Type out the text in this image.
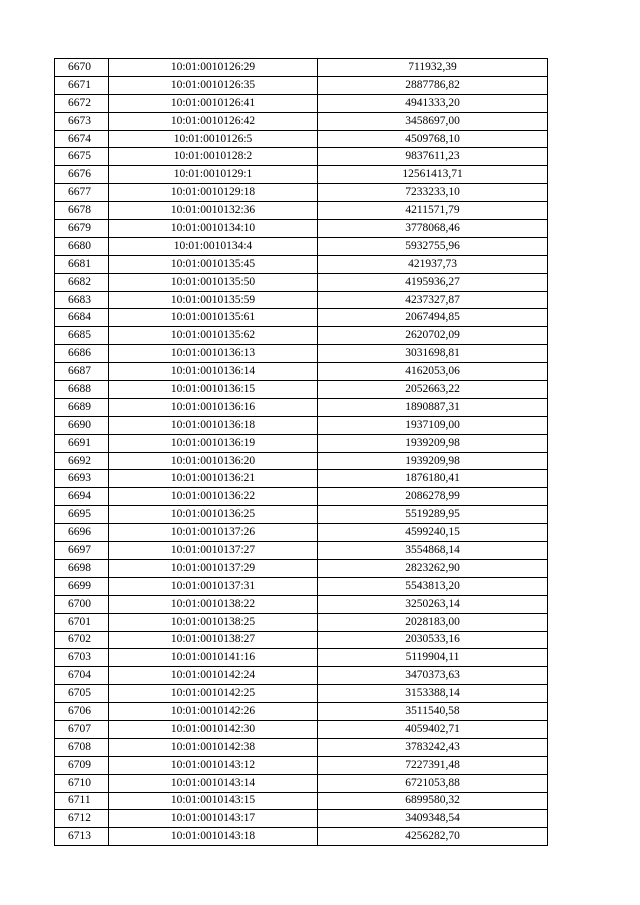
6670	10:01:0010126:29	711932,39
6671	10:01:0010126:35	2887786,82
6672	10:01:0010126:41	4941333,20
6673	10:01:0010126:42	3458697,00
6674	10:01:0010126:5	4509768,10
6675	10:01:0010128:2	9837611,23
6676	10:01:0010129:1	12561413,71
6677	10:01:0010129:18	7233233,10
6678	10:01:0010132:36	4211571,79
6679	10:01:0010134:10	3778068,46
6680	10:01:0010134:4	5932755,96
6681	10:01:0010135:45	421937,73
6682	10:01:0010135:50	4195936,27
6683	10:01:0010135:59	4237327,87
6684	10:01:0010135:61	2067494,85
6685	10:01:0010135:62	2620702,09
6686	10:01:0010136:13	3031698,81
6687	10:01:0010136:14	4162053,06
6688	10:01:0010136:15	2052663,22
6689	10:01:0010136:16	1890887,31
6690	10:01:0010136:18	1937109,00
6691	10:01:0010136:19	1939209,98
6692	10:01:0010136:20	1939209,98
6693	10:01:0010136:21	1876180,41
6694	10:01:0010136:22	2086278,99
6695	10:01:0010136:25	5519289,95
6696	10:01:0010137:26	4599240,15
6697	10:01:0010137:27	3554868,14
6698	10:01:0010137:29	2823262,90
6699	10:01:0010137:31	5543813,20
6700	10:01:0010138:22	3250263,14
6701	10:01:0010138:25	2028183,00
6702	10:01:0010138:27	2030533,16
6703	10:01:0010141:16	5119904,11
6704	10:01:0010142:24	3470373,63
6705	10:01:0010142:25	3153388,14
6706	10:01:0010142:26	3511540,58
6707	10:01:0010142:30	4059402,71
6708	10:01:0010142:38	3783242,43
6709	10:01:0010143:12	7227391,48
6710	10:01:0010143:14	6721053,88
6711	10:01:0010143:15	6899580,32
6712	10:01:0010143:17	3409348,54
6713	10:01:0010143:18	4256282,70
